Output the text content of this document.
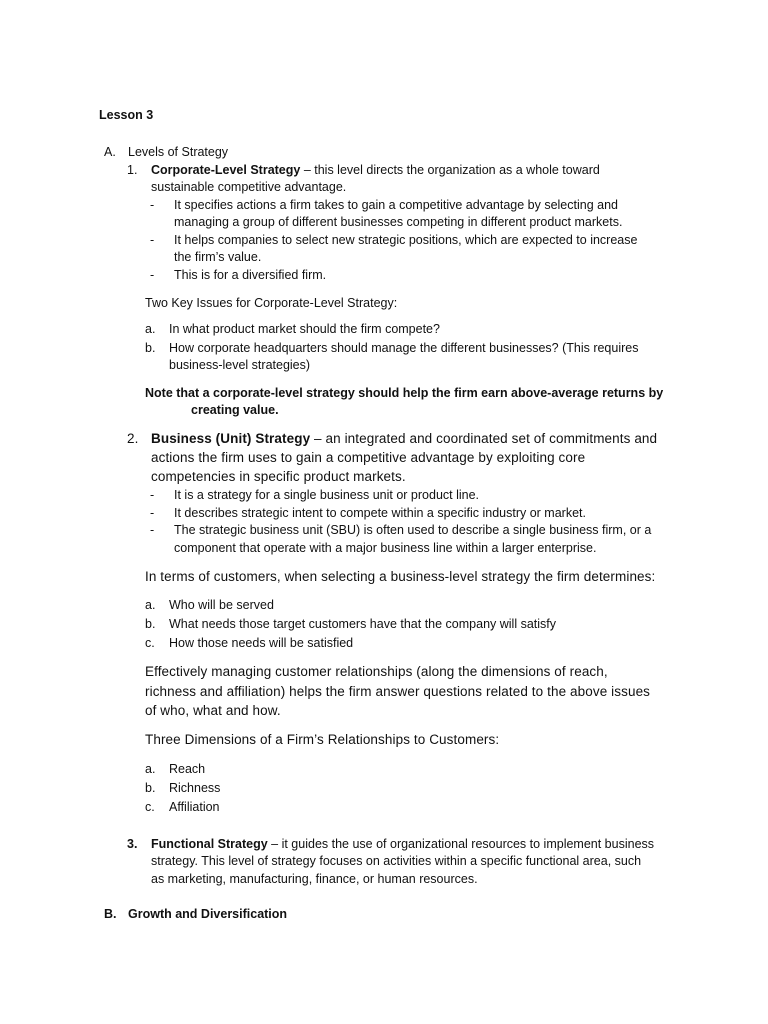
Lesson 3
A. Levels of Strategy
1. Corporate-Level Strategy – this level directs the organization as a whole toward
sustainable competitive advantage.
- It specifies actions a firm takes to gain a competitive advantage by selecting and
managing a group of different businesses competing in different product markets.
- It helps companies to select new strategic positions, which are expected to increase
the firm’s value.
- This is for a diversified firm.
Two Key Issues for Corporate-Level Strategy:
a. In what product market should the firm compete?
b. How corporate headquarters should manage the different businesses? (This requires
business-level strategies)
Note that a corporate-level strategy should help the firm earn above-average returns by
creating value.
2. Business (Unit) Strategy – an integrated and coordinated set of commitments and
actions the firm uses to gain a competitive advantage by exploiting core
competencies in specific product markets.
- It is a strategy for a single business unit or product line.
- It describes strategic intent to compete within a specific industry or market.
- The strategic business unit (SBU) is often used to describe a single business firm, or a
component that operate with a major business line within a larger enterprise.
In terms of customers, when selecting a business-level strategy the firm determines:
a. Who will be served
b. What needs those target customers have that the company will satisfy
c. How those needs will be satisfied
Effectively managing customer relationships (along the dimensions of reach,
richness and affiliation) helps the firm answer questions related to the above issues
of who, what and how.
Three Dimensions of a Firm’s Relationships to Customers:
a. Reach
b. Richness
c. Affiliation
3. Functional Strategy – it guides the use of organizational resources to implement business
strategy. This level of strategy focuses on activities within a specific functional area, such
as marketing, manufacturing, finance, or human resources.
B. Growth and Diversification
